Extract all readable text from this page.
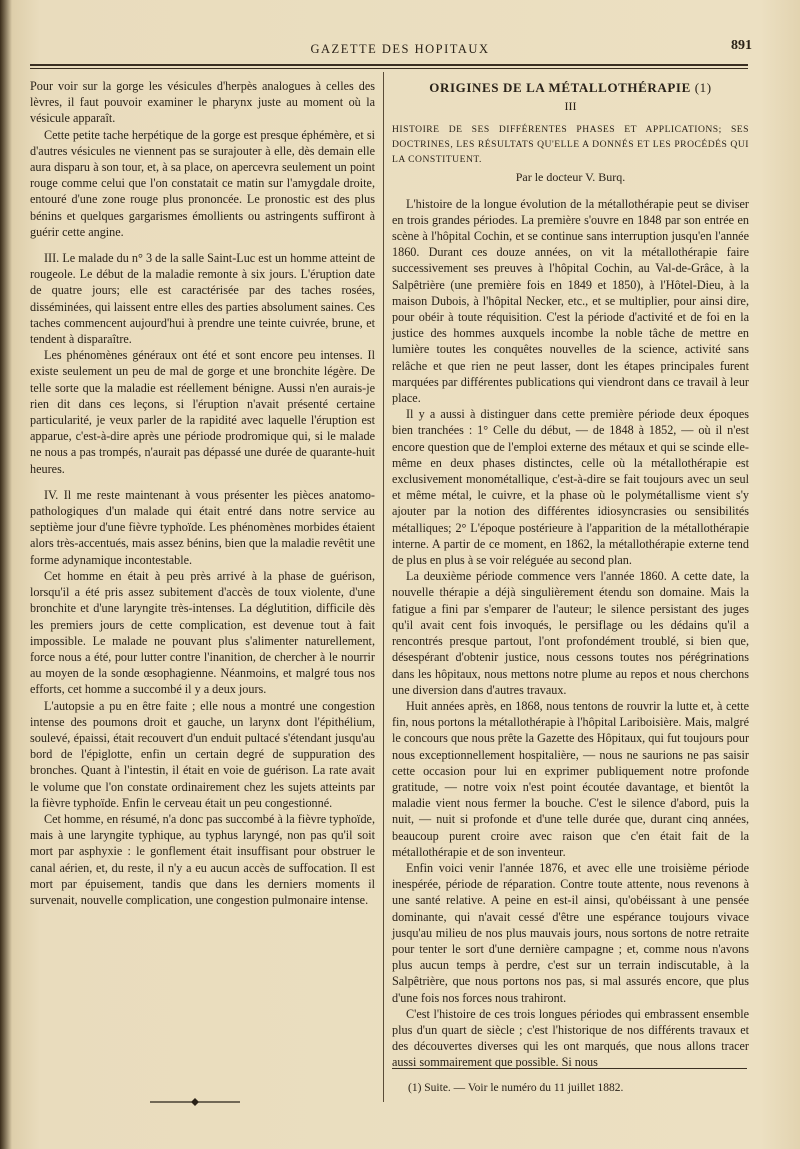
GAZETTE DES HOPITAUX	891

Pour voir sur la gorge les vésicules d'herpès analogues à celles des lèvres, il faut pouvoir examiner le pharynx juste au moment où la vésicule apparaît.

Cette petite tache herpétique de la gorge est presque éphémère, et si d'autres vésicules ne viennent pas se surajouter à elle, dès demain elle aura disparu à son tour, et, à sa place, on apercevra seulement un point rouge comme celui que l'on constatait ce matin sur l'amygdale droite, entouré d'une zone rouge plus prononcée. Le pronostic est des plus bénins et quelques gargarismes émollients ou astringents suffiront à guérir cette angine.

III. Le malade du n° 3 de la salle Saint-Luc est un homme atteint de rougeole. Le début de la maladie remonte à six jours. L'éruption date de quatre jours; elle est caractérisée par des taches rosées, disséminées, qui laissent entre elles des parties absolument saines. Ces taches commencent aujourd'hui à prendre une teinte cuivrée, brune, et tendent à disparaître.

Les phénomènes généraux ont été et sont encore peu intenses. Il existe seulement un peu de mal de gorge et une bronchite légère. De telle sorte que la maladie est réellement bénigne. Aussi n'en aurais-je rien dit dans ces leçons, si l'éruption n'avait présenté certaine particularité, je veux parler de la rapidité avec laquelle l'éruption est apparue, c'est-à-dire après une période prodromique qui, si le malade ne nous a pas trompés, n'aurait pas dépassé une durée de quarante-huit heures.

IV. Il me reste maintenant à vous présenter les pièces anatomo-pathologiques d'un malade qui était entré dans notre service au septième jour d'une fièvre typhoïde. Les phénomènes morbides étaient alors très-accentués, mais assez bénins, bien que la maladie revêtit une forme adynamique incontestable.

Cet homme en était à peu près arrivé à la phase de guérison, lorsqu'il a été pris assez subitement d'accès de toux violente, d'une bronchite et d'une laryngite très-intenses. La déglutition, difficile dès les premiers jours de cette complication, est devenue tout à fait impossible. Le malade ne pouvant plus s'alimenter naturellement, force nous a été, pour lutter contre l'inanition, de chercher à le nourrir au moyen de la sonde œsophagienne. Néanmoins, et malgré tous nos efforts, cet homme a succombé il y a deux jours.

L'autopsie a pu en être faite ; elle nous a montré une congestion intense des poumons droit et gauche, un larynx dont l'épithélium, soulevé, épaissi, était recouvert d'un enduit pultacé s'étendant jusqu'au bord de l'épiglotte, enfin un certain degré de suppuration des bronches. Quant à l'intestin, il était en voie de guérison. La rate avait le volume que l'on constate ordinairement chez les sujets atteints par la fièvre typhoïde. Enfin le cerveau était un peu congestionné.

Cet homme, en résumé, n'a donc pas succombé à la fièvre typhoïde, mais à une laryngite typhique, au typhus laryngé, non pas qu'il soit mort par asphyxie : le gonflement était insuffisant pour obstruer le canal aérien, et, du reste, il n'y a eu aucun accès de suffocation. Il est mort par épuisement, tandis que dans les derniers moments il survenait, nouvelle complication, une congestion pulmonaire intense.

ORIGINES DE LA MÉTALLOTHÉRAPIE (1)
III
HISTOIRE DE SES DIFFÉRENTES PHASES ET APPLICATIONS; SES DOCTRINES, LES RÉSULTATS QU'ELLE A DONNÉS ET LES PROCÉDÉS QUI LA CONSTITUENT.
Par le docteur V. Burq.

L'histoire de la longue évolution de la métallothérapie peut se diviser en trois grandes périodes. La première s'ouvre en 1848 par son entrée en scène à l'hôpital Cochin, et se continue sans interruption jusqu'en l'année 1860. Durant ces douze années, on vit la métallothérapie faire successivement ses preuves à l'hôpital Cochin, au Val-de-Grâce, à la Salpêtrière (une première fois en 1849 et 1850), à l'Hôtel-Dieu, à la maison Dubois, à l'hôpital Necker, etc., et se multiplier, pour ainsi dire, pour obéir à toute réquisition. C'est la période d'activité et de foi en la justice des hommes auxquels incombe la noble tâche de mettre en lumière toutes les conquêtes nouvelles de la science, activité sans relâche et que rien ne peut lasser, dont les étapes principales furent marquées par différentes publications qui viendront dans ce travail à leur place.

Il y a aussi à distinguer dans cette première période deux époques bien tranchées : 1° Celle du début, — de 1848 à 1852, — où il n'est encore question que de l'emploi externe des métaux et qui se scinde elle-même en deux phases distinctes, celle où la métallothérapie est exclusivement monométallique, c'est-à-dire se fait toujours avec un seul et même métal, le cuivre, et la phase où le polymétallisme vient s'y ajouter par la notion des différentes idiosyncrasies ou sensibilités métalliques; 2° L'époque postérieure à l'apparition de la métallothérapie interne. A partir de ce moment, en 1862, la métallothérapie externe tend de plus en plus à se voir reléguée au second plan.

La deuxième période commence vers l'année 1860. A cette date, la nouvelle thérapie a déjà singulièrement étendu son domaine. Mais la fatigue a fini par s'emparer de l'auteur; le silence persistant des juges qu'il avait cent fois invoqués, le persiflage ou les dédains qu'il a rencontrés presque partout, l'ont profondément troublé, si bien que, désespérant d'obtenir justice, nous cessons toutes nos pérégrinations dans les hôpitaux, nous mettons notre plume au repos et nous cherchons une diversion dans d'autres travaux.

Huit années après, en 1868, nous tentons de rouvrir la lutte et, à cette fin, nous portons la métallothérapie à l'hôpital Lariboisière. Mais, malgré le concours que nous prête la Gazette des Hôpitaux, qui fut toujours pour nous exceptionnellement hospitalière, — nous ne saurions ne pas saisir cette occasion pour lui en exprimer publiquement notre profonde gratitude, — notre voix n'est point écoutée davantage, et bientôt la maladie vient nous fermer la bouche. C'est le silence d'abord, puis la nuit, — nuit si profonde et d'une telle durée que, durant cinq années, beaucoup purent croire avec raison que c'en était fait de la métallothérapie et de son inventeur.

Enfin voici venir l'année 1876, et avec elle une troisième période inespérée, période de réparation. Contre toute attente, nous revenons à une santé relative. A peine en est-il ainsi, qu'obéissant à une pensée dominante, qui n'avait cessé d'être une espérance toujours vivace jusqu'au milieu de nos plus mauvais jours, nous sortons de notre retraite pour tenter le sort d'une dernière campagne ; et, comme nous n'avons plus aucun temps à perdre, c'est sur un terrain indiscutable, à la Salpêtrière, que nous portons nos pas, si mal assurés encore, que plus d'une fois nos forces nous trahiront.

C'est l'histoire de ces trois longues périodes qui embrassent ensemble plus d'un quart de siècle ; c'est l'historique de nos différents travaux et des découvertes diverses qui les ont marqués, que nous allons tracer aussi sommairement que possible. Si nous

(1) Suite. — Voir le numéro du 11 juillet 1882.
